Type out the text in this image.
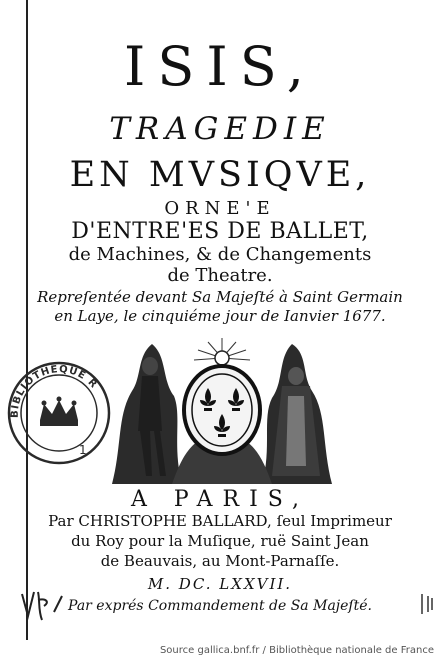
ISIS,
TRAGEDIE
EN MVSIQVE,
ORNE'E
D'ENTRE'ES DE BALLET,
de Machines, & de Changements
de Theatre.
Repreſentée devant Sa Majeſté à Saint Germain
en Laye, le cinquiéme jour de Ianvier 1677.
BIBLIOTHEQUE R
1
A PARIS,
Par CHRISTOPHE BALLARD, ſeul Imprimeur
du Roy pour la Muſique, ruë Saint Jean
de Beauvais, au Mont-Parnaſſe.
M. DC. LXXVII.
Par exprés Commandement de Sa Majeſté.
Source gallica.bnf.fr / Bibliothèque nationale de France
